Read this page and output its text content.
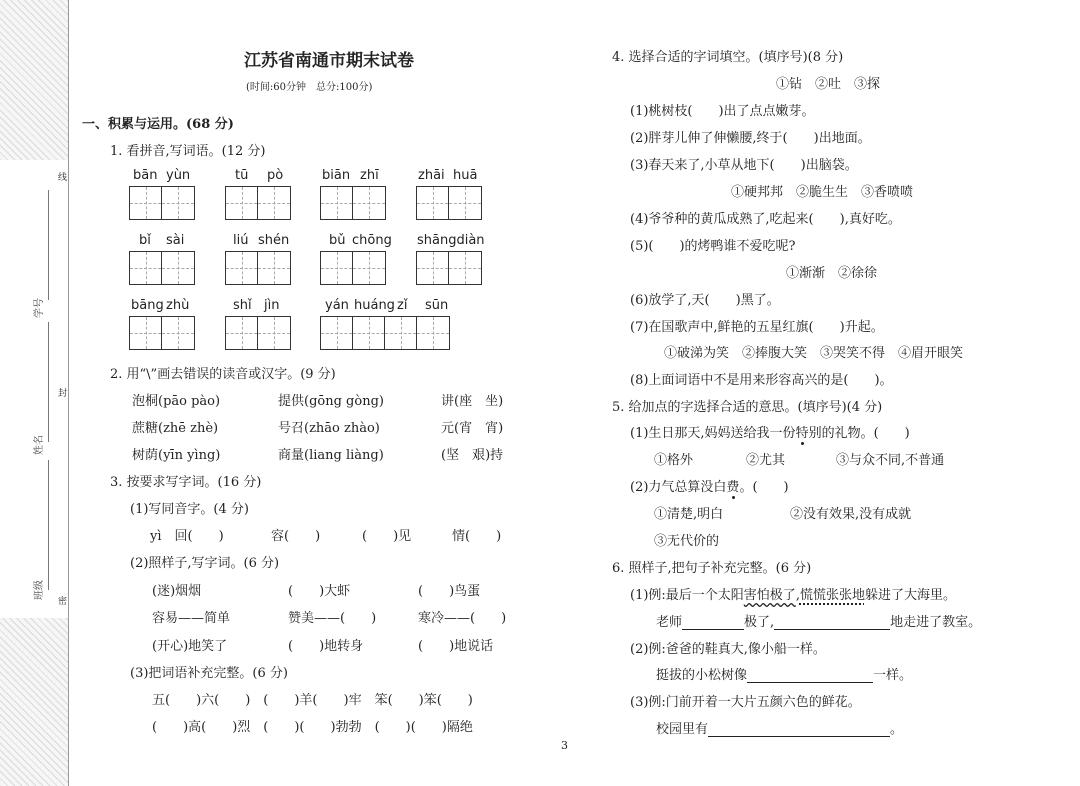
线
封
密
学号
姓名
班级
江苏省南通市期末试卷
(时间:60分钟　总分:100分)
一、积累与运用。(68 分)
1. 看拼音,写词语。(12 分)
bān yùn	tū pò	biān zhī	zhāi huā
bǐ sài	liú shén	bǔ chōng shāngdiàn
bāng zhù	shǐ jìn	yán huáng zǐ sūn
2. 用“\”画去错误的读音或汉字。(9 分)
泡桐(pāo pào)	提供(gōng gòng)	讲(座　坐)
蔗糖(zhē zhè)	号召(zhāo zhào)	元(宵　宵)
树荫(yīn yìng)	商量(liang liàng)	(坚　艰)持
3. 按要求写字词。(16 分)
(1)写同音字。(4 分)
yì　回(　　)	容(　　)	(　　)见	情(　　)
(2)照样子,写字词。(6 分)
(迷)烟烟	(　　)大虾	(　　)鸟蛋
容易——简单	赞美——(　　)	寒冷——(　　)
(开心)地笑了	(　　)地转身	(　　)地说话
(3)把词语补充完整。(6 分)
五(　　)六(　　)　(　　)羊(　　)牢　笨(　　)笨(　　)
(　　)高(　　)烈　(　　)(　　)勃勃　(　　)(　　)隔绝
4. 选择合适的字词填空。(填序号)(8 分)
①钻　②吐　③探
(1)桃树枝(　　)出了点点嫩芽。
(2)胖芽儿伸了伸懒腰,终于(　　)出地面。
(3)春天来了,小草从地下(　　)出脑袋。
①硬邦邦　②脆生生　③香喷喷
(4)爷爷种的黄瓜成熟了,吃起来(　　),真好吃。
(5)(　　)的烤鸭谁不爱吃呢?
①渐渐　②徐徐
(6)放学了,天(　　)黑了。
(7)在国歌声中,鲜艳的五星红旗(　　)升起。
①破涕为笑　②捧腹大笑　③哭笑不得　④眉开眼笑
(8)上面词语中不是用来形容高兴的是(　　)。
5. 给加点的字选择合适的意思。(填序号)(4 分)
(1)生日那天,妈妈送给我一份特别的礼物。(　　)
①格外	②尤其	③与众不同,不普通
(2)力气总算没白费。(　　)
①清楚,明白	②没有效果,没有成就
③无代价的
6. 照样子,把句子补充完整。(6 分)
(1)例:最后一个太阳害怕极了,慌慌张张地躲进了大海里。
老师	极了,	地走进了教室。
(2)例:爸爸的鞋真大,像小船一样。
挺拔的小松树像	一样。
(3)例:门前开着一大片五颜六色的鲜花。
校园里有	。
3
